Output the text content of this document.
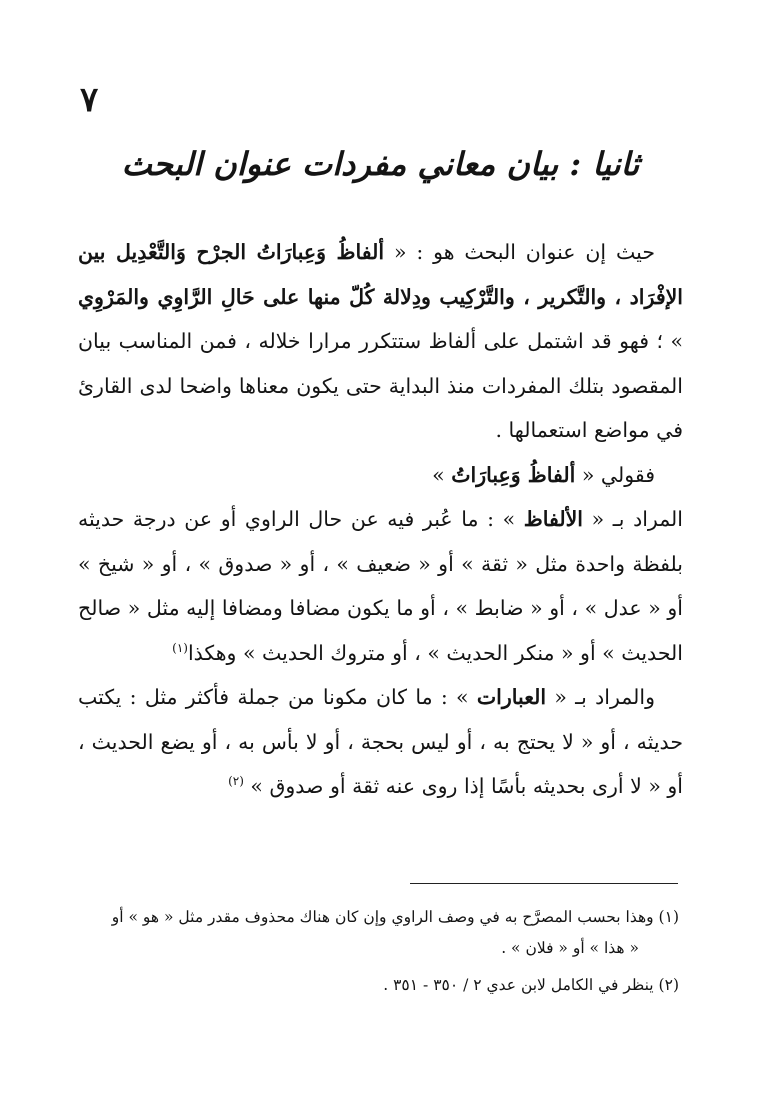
٧
ثانيا : بيان معاني مفردات عنوان البحث

حيث إن عنوان البحث هو : « ألفاظُ وَعِبارَاتُ الجرْح وَالتَّعْدِيل بين الإفْرَاد ، والتَّكرير ، والتَّرْكِيب ودِلالة كُلّ منها على حَالِ الرَّاوِي والمَرْوِي » ؛ فهو قد اشتمل على ألفاظ ستتكرر مرارا خلاله ، فمن المناسب بيان المقصود بتلك المفردات منذ البداية حتى يكون معناها واضحا لدى القارئ في مواضع استعمالها .

فقولي « ألفاظُ وَعِبارَاتُ »

المراد بـ « الألفاظ » : ما عُبر فيه عن حال الراوي أو عن درجة حديثه بلفظة واحدة مثل « ثقة » أو « ضعيف » ، أو « صدوق » ، أو « شيخ » أو « عدل » ، أو « ضابط » ، أو ما يكون مضافا ومضافا إليه مثل « صالح الحديث » أو « منكر الحديث » ، أو متروك الحديث » وهكذا$^{(١)}$

والمراد بـ « العبارات » : ما كان مكونا من جملة فأكثر مثل : يكتب حديثه ، أو « لا يحتج به ، أو ليس بحجة ، أو لا بأس به ، أو يضع الحديث ، أو « لا أرى بحديثه بأسًا إذا روى عنه ثقة أو صدوق » $^{(٢)}$

(١) وهذا بحسب المصرَّح به في وصف الراوي وإن كان هناك محذوف مقدر مثل « هو » أو

« هذا » أو « فلان » .

(٢) ينظر في الكامل لابن عدي ٢ / ٣٥٠ - ٣٥١ .
